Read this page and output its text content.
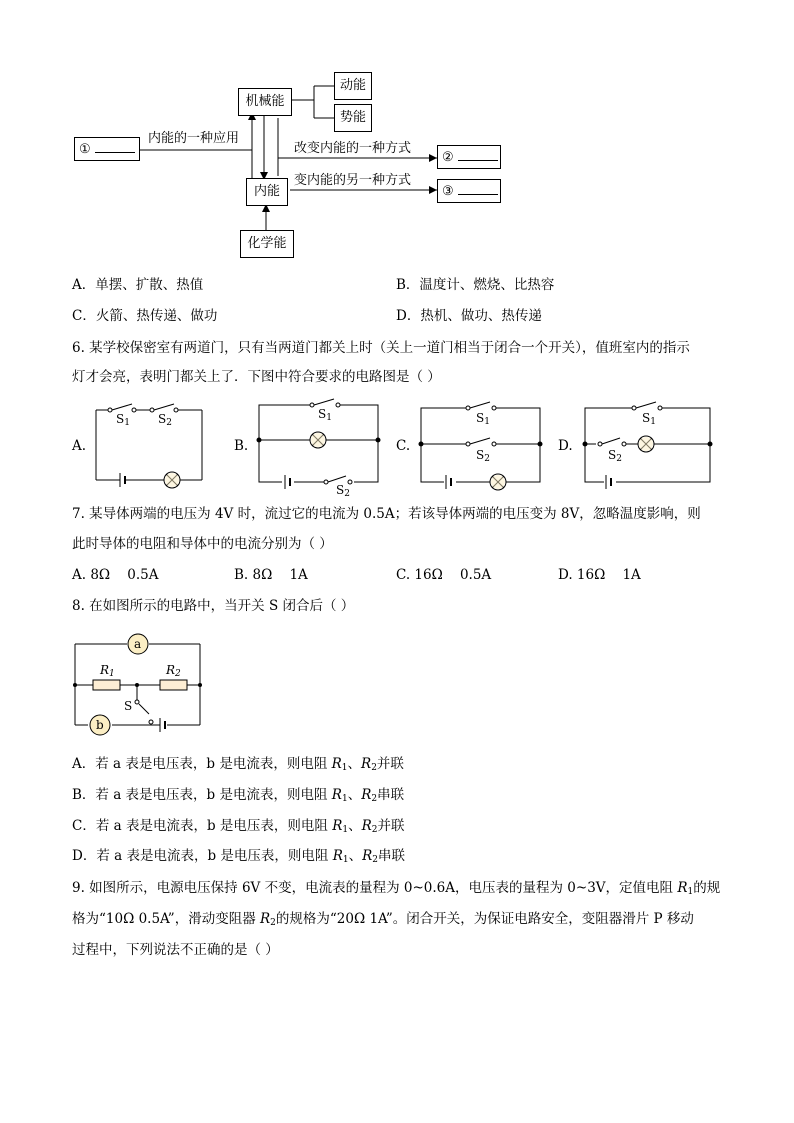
机械能
动能
势能
内能
化学能
①
②
③
内能的一种应用
改变内能的一种方式
变内能的另一种方式
A．单摆、扩散、热值	B．温度计、燃烧、比热容
C．火箭、热传递、做功	D．热机、做功、热传递
6. 某学校保密室有两道门，只有当两道门都关上时（关上一道门相当于闭合一个开关），值班室内的指示
灯才会亮，表明门都关上了．下图中符合要求的电路图是（ ）
A.	B.	C.	D.
$S_1$ $S_2$
$S_1$
$S_2$
$S_1$
$S_2$
$S_1$
$S_2$
7. 某导体两端的电压为 4V 时，流过它的电流为 0.5A；若该导体两端的电压变为 8V，忽略温度影响，则
此时导体的电阻和导体中的电流分别为（ ）
A. 8Ω    0.5A	B. 8Ω    1A	C. 16Ω    0.5A	D. 16Ω    1A
8. 在如图所示的电路中，当开关 S 闭合后（ ）
a
b
$R_1$	$R_2$
S
A．若 a 表是电压表，b 是电流表，则电阻 $R_1$、$R_2$并联
B．若 a 表是电压表，b 是电流表，则电阻 $R_1$、$R_2$串联
C．若 a 表是电流表，b 是电压表，则电阻 $R_1$、$R_2$并联
D．若 a 表是电流表，b 是电压表，则电阻 $R_1$、$R_2$串联
9. 如图所示，电源电压保持 6V 不变，电流表的量程为 0~0.6A，电压表的量程为 0~3V，定值电阻 $R_1$的规
格为“10Ω 0.5A”，滑动变阻器 $R_2$的规格为“20Ω 1A”。闭合开关，为保证电路安全，变阻器滑片 P 移动
过程中，下列说法不正确的是（ ）
